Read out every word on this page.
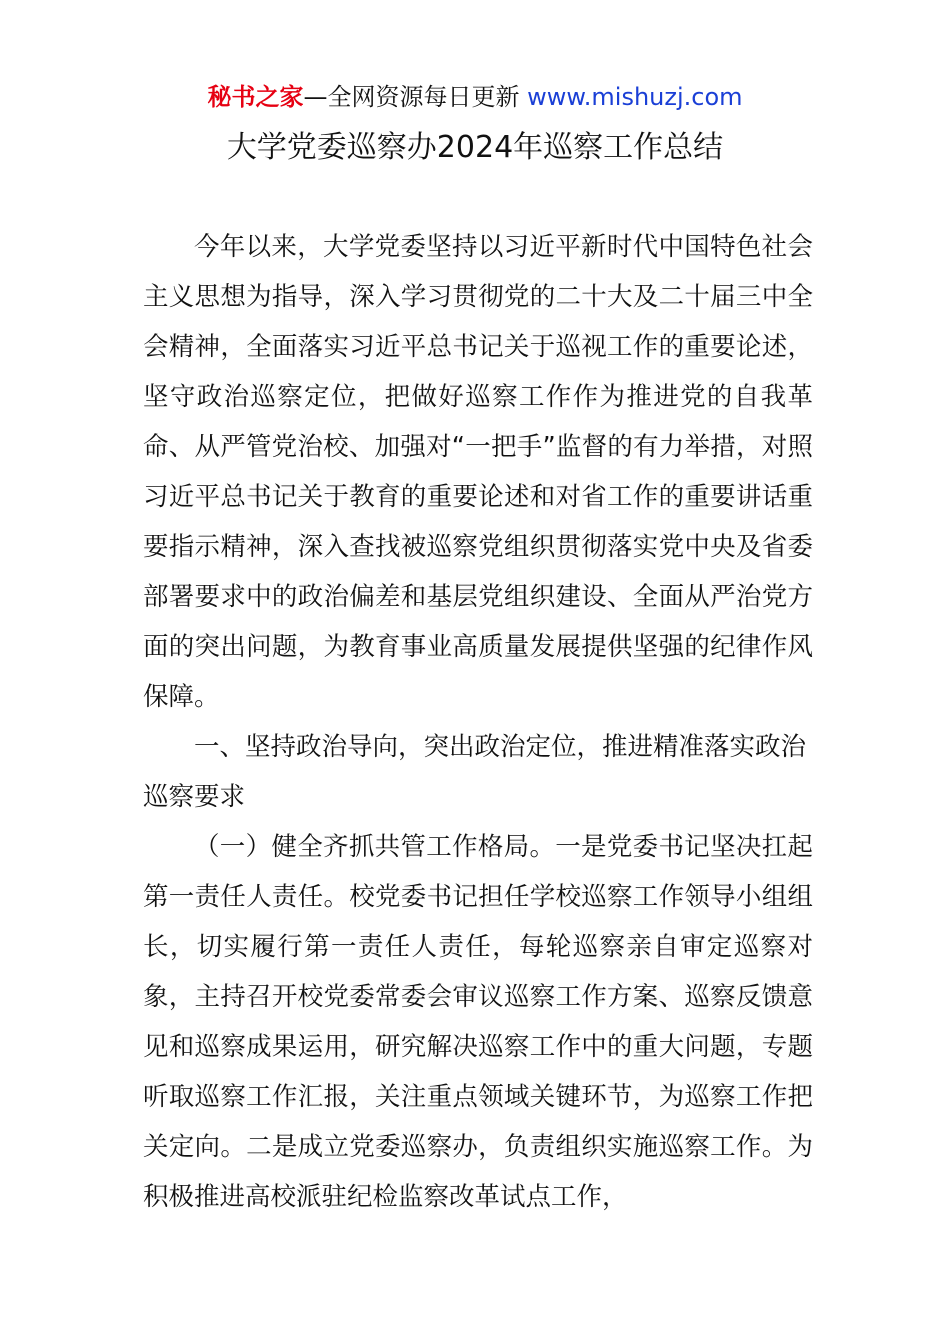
秘书之家—全网资源每日更新 www.mishuzj.com
大学党委巡察办2024年巡察工作总结

今年以来，大学党委坚持以习近平新时代中国特色社会主义思想为指导，深入学习贯彻党的二十大及二十届三中全会精神，全面落实习近平总书记关于巡视工作的重要论述，坚守政治巡察定位，把做好巡察工作作为推进党的自我革命、从严管党治校、加强对“一把手”监督的有力举措，对照习近平总书记关于教育的重要论述和对省工作的重要讲话重要指示精神，深入查找被巡察党组织贯彻落实党中央及省委部署要求中的政治偏差和基层党组织建设、全面从严治党方面的突出问题，为教育事业高质量发展提供坚强的纪律作风保障。

一、坚持政治导向，突出政治定位，推进精准落实政治巡察要求

（一）健全齐抓共管工作格局。一是党委书记坚决扛起第一责任人责任。校党委书记担任学校巡察工作领导小组组长，切实履行第一责任人责任，每轮巡察亲自审定巡察对象，主持召开校党委常委会审议巡察工作方案、巡察反馈意见和巡察成果运用，研究解决巡察工作中的重大问题，专题听取巡察工作汇报，关注重点领域关键环节，为巡察工作把关定向。二是成立党委巡察办，负责组织实施巡察工作。为积极推进高校派驻纪检监察改革试点工作，
